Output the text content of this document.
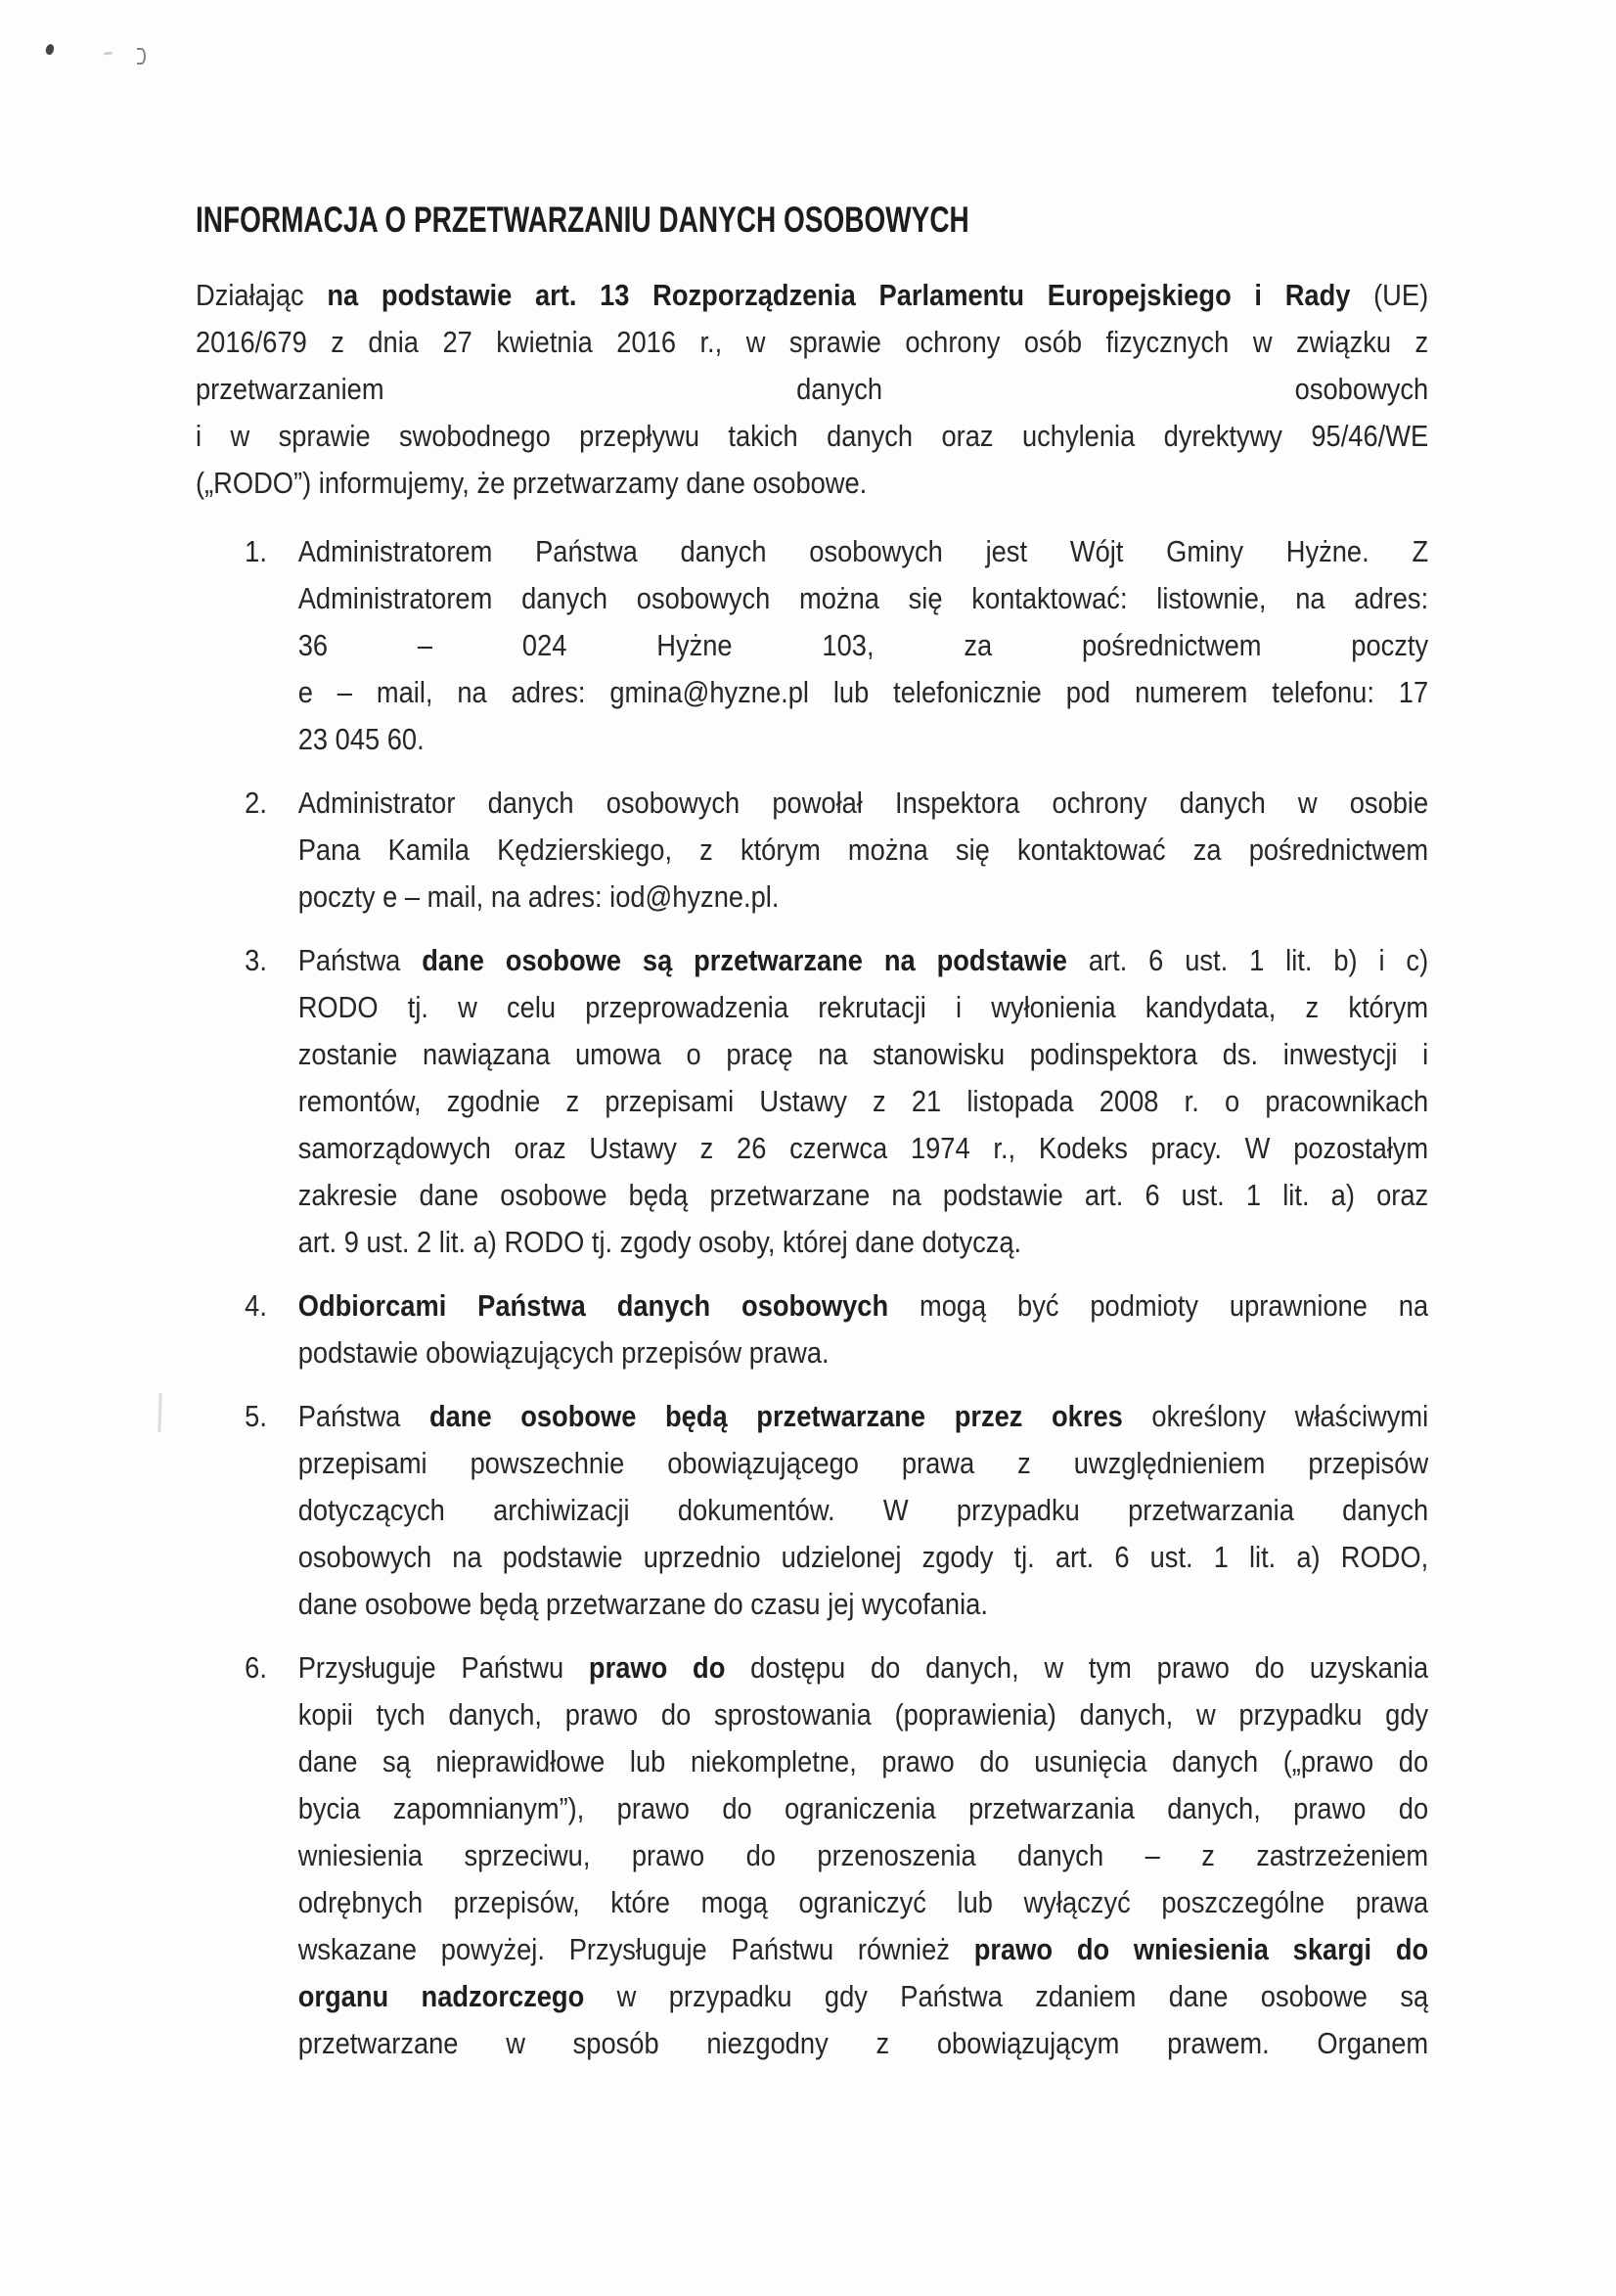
INFORMACJA O PRZETWARZANIU DANYCH OSOBOWYCH
Działając na podstawie art. 13 Rozporządzenia Parlamentu Europejskiego i Rady (UE)
2016/679 z dnia 27 kwietnia 2016 r., w sprawie ochrony osób fizycznych w związku z
przetwarzaniem danych osobowych
i w sprawie swobodnego przepływu takich danych oraz uchylenia dyrektywy 95/46/WE
(„RODO”) informujemy, że przetwarzamy dane osobowe.
1.	Administratorem Państwa danych osobowych jest Wójt Gminy Hyżne. Z
Administratorem danych osobowych można się kontaktować: listownie, na adres:
36 – 024 Hyżne 103, za pośrednictwem poczty
e – mail, na adres: gmina@hyzne.pl lub telefonicznie pod numerem telefonu: 17
23 045 60.
2.	Administrator danych osobowych powołał Inspektora ochrony danych w osobie
Pana Kamila Kędzierskiego, z którym można się kontaktować za pośrednictwem
poczty e – mail, na adres: iod@hyzne.pl.
3.	Państwa dane osobowe są przetwarzane na podstawie art. 6 ust. 1 lit. b) i c)
RODO tj. w celu przeprowadzenia rekrutacji i wyłonienia kandydata, z którym
zostanie nawiązana umowa o pracę na stanowisku podinspektora ds. inwestycji i
remontów, zgodnie z przepisami Ustawy z 21 listopada 2008 r. o pracownikach
samorządowych oraz Ustawy z 26 czerwca 1974 r., Kodeks pracy. W pozostałym
zakresie dane osobowe będą przetwarzane na podstawie art. 6 ust. 1 lit. a) oraz
art. 9 ust. 2 lit. a) RODO tj. zgody osoby, której dane dotyczą.
4.	Odbiorcami Państwa danych osobowych mogą być podmioty uprawnione na
podstawie obowiązujących przepisów prawa.
5.	Państwa dane osobowe będą przetwarzane przez okres określony właściwymi
przepisami powszechnie obowiązującego prawa z uwzględnieniem przepisów
dotyczących archiwizacji dokumentów. W przypadku przetwarzania danych
osobowych na podstawie uprzednio udzielonej zgody tj. art. 6 ust. 1 lit. a) RODO,
dane osobowe będą przetwarzane do czasu jej wycofania.
6.	Przysługuje Państwu prawo do dostępu do danych, w tym prawo do uzyskania
kopii tych danych, prawo do sprostowania (poprawienia) danych, w przypadku gdy
dane są nieprawidłowe lub niekompletne, prawo do usunięcia danych („prawo do
bycia zapomnianym”), prawo do ograniczenia przetwarzania danych, prawo do
wniesienia sprzeciwu, prawo do przenoszenia danych – z zastrzeżeniem
odrębnych przepisów, które mogą ograniczyć lub wyłączyć poszczególne prawa
wskazane powyżej. Przysługuje Państwu również prawo do wniesienia skargi do
organu nadzorczego w przypadku gdy Państwa zdaniem dane osobowe są
przetwarzane w sposób niezgodny z obowiązującym prawem. Organem
